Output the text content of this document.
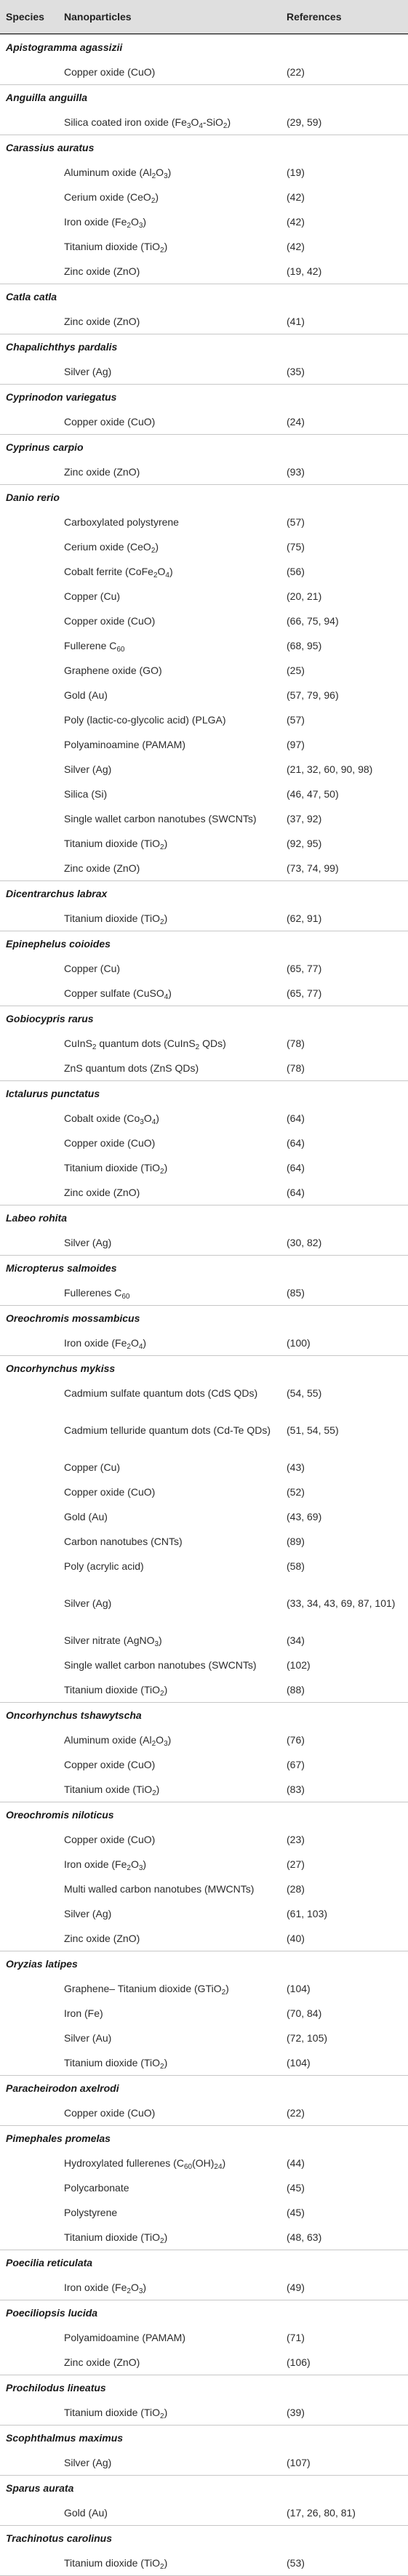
Species	Nanoparticles	References
Apistogramma agassizii
Copper oxide (CuO)	(22)
Anguilla anguilla
Silica coated iron oxide $(Fe_3O_4-SiO_2)$	(29, 59)
Carassius auratus
Aluminum oxide $(Al_2O_3)$	(19)
Cerium oxide (CeO$_2$)	(42)
Iron oxide $(Fe_2O_3)$	(42)
Titanium dioxide (TiO$_2$)	(42)
Zinc oxide (ZnO)	(19, 42)
Catla catla
Zinc oxide (ZnO)	(41)
Chapalichthys pardalis
Silver (Ag)	(35)
Cyprinodon variegatus
Copper oxide (CuO)	(24)
Cyprinus carpio
Zinc oxide (ZnO)	(93)
Danio rerio
Carboxylated polystyrene	(57)
Cerium oxide (CeO$_2$)	(75)
Cobalt ferrite $(CoFe_2O_4)$	(56)
Copper (Cu)	(20, 21)
Copper oxide (CuO)	(66, 75, 94)
Fullerene $C_{60}$	(68, 95)
Graphene oxide (GO)	(25)
Gold (Au)	(57, 79, 96)
Poly (lactic-co-glycolic acid) (PLGA)	(57)
Polyaminoamine (PAMAM)	(97)
Silver (Ag)	(21, 32, 60, 90, 98)
Silica (Si)	(46, 47, 50)
Single wallet carbon nanotubes (SWCNTs)	(37, 92)
Titanium dioxide (TiO$_2$)	(92, 95)
Zinc oxide (ZnO)	(73, 74, 99)
Dicentrarchus labrax
Titanium dioxide (TiO$_2$)	(62, 91)
Epinephelus coioides
Copper (Cu)	(65, 77)
Copper sulfate (CuSO$_4$)	(65, 77)
Gobiocypris rarus
CuInS$_2$ quantum dots (CuInS$_2$ QDs)	(78)
ZnS quantum dots (ZnS QDs)	(78)
Ictalurus punctatus
Cobalt oxide $(Co_3O_4)$	(64)
Copper oxide (CuO)	(64)
Titanium dioxide (TiO$_2$)	(64)
Zinc oxide (ZnO)	(64)
Labeo rohita
Silver (Ag)	(30, 82)
Micropterus salmoides
Fullerenes $C_{60}$	(85)
Oreochromis mossambicus
Iron oxide $(Fe_2O_4)$	(100)
Oncorhynchus mykiss
Cadmium sulfate quantum dots (CdS QDs)	(54, 55)
Cadmium telluride quantum dots (Cd-Te QDs)	(51, 54, 55)
Copper (Cu)	(43)
Copper oxide (CuO)	(52)
Gold (Au)	(43, 69)
Carbon nanotubes (CNTs)	(89)
Poly (acrylic acid)	(58)
Silver (Ag)	(33, 34, 43, 69, 87, 101)
Silver nitrate (AgNO$_3$)	(34)
Single wallet carbon nanotubes (SWCNTs)	(102)
Titanium dioxide (TiO$_2$)	(88)
Oncorhynchus tshawytscha
Aluminum oxide $(Al_2O_3)$	(76)
Copper oxide (CuO)	(67)
Titanium oxide (TiO$_2$)	(83)
Oreochromis niloticus
Copper oxide (CuO)	(23)
Iron oxide $(Fe_2O_3)$	(27)
Multi walled carbon nanotubes (MWCNTs)	(28)
Silver (Ag)	(61, 103)
Zinc oxide (ZnO)	(40)
Oryzias latipes
Graphene– Titanium dioxide (GTiO$_2$)	(104)
Iron (Fe)	(70, 84)
Silver (Au)	(72, 105)
Titanium dioxide (TiO$_2$)	(104)
Paracheirodon axelrodi
Copper oxide (CuO)	(22)
Pimephales promelas
Hydroxylated fullerenes $(C_{60}(OH)_{24})$	(44)
Polycarbonate	(45)
Polystyrene	(45)
Titanium dioxide (TiO$_2$)	(48, 63)
Poecilia reticulata
Iron oxide $(Fe_2O_3)$	(49)
Poeciliopsis lucida
Polyamidoamine (PAMAM)	(71)
Zinc oxide (ZnO)	(106)
Prochilodus lineatus
Titanium dioxide (TiO$_2$)	(39)
Scophthalmus maximus
Silver (Ag)	(107)
Sparus aurata
Gold (Au)	(17, 26, 80, 81)
Trachinotus carolinus
Titanium dioxide (TiO$_2$)	(53)
